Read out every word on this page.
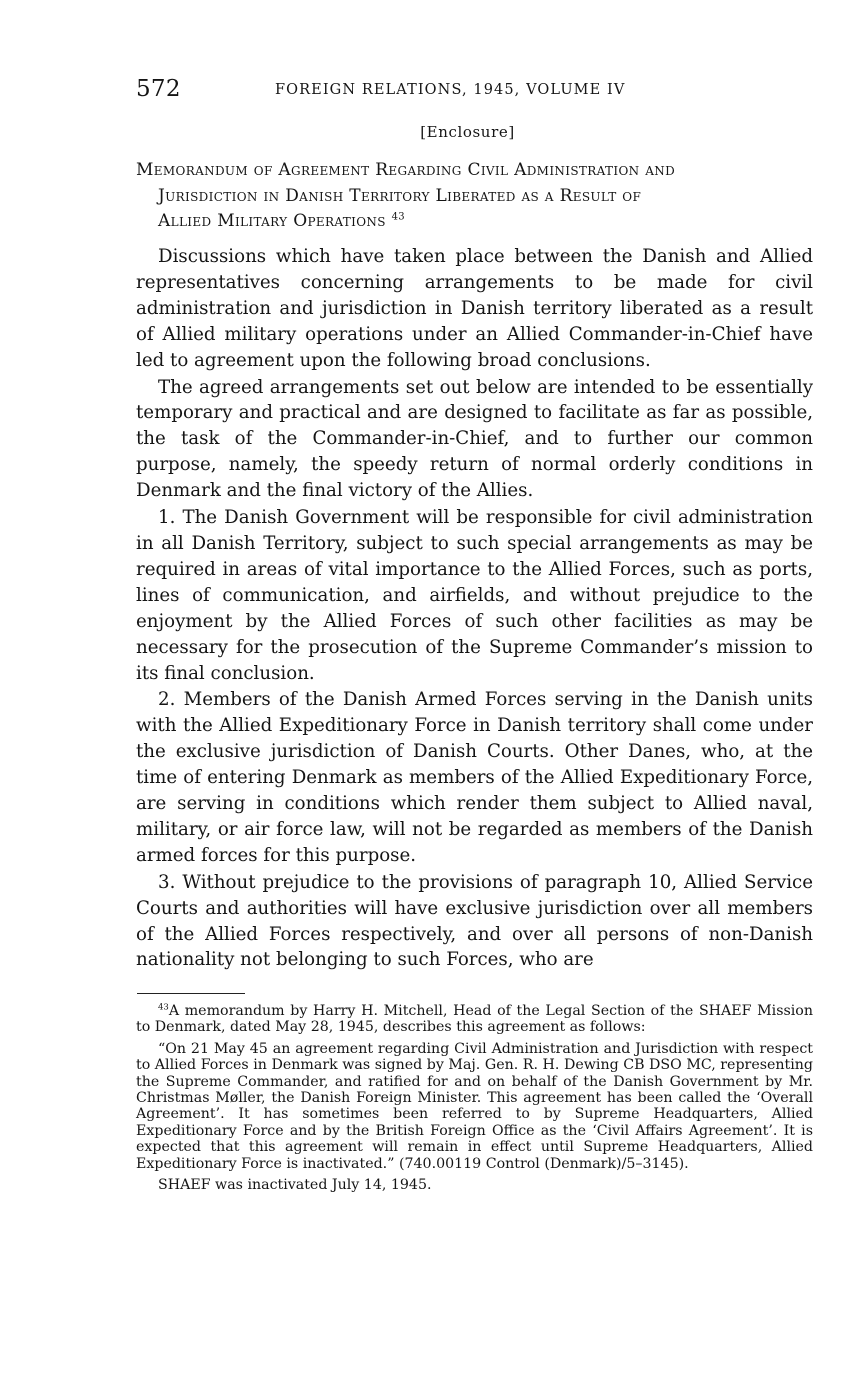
572	FOREIGN RELATIONS, 1945, VOLUME IV
[Enclosure]
Memorandum of Agreement Regarding Civil Administration and
Jurisdiction in Danish Territory Liberated as a Result of
Allied Military Operations $^{43}$

Discussions which have taken place between the Danish and Allied representatives concerning arrangements to be made for civil administration and jurisdiction in Danish territory liberated as a result of Allied military operations under an Allied Commander-in-Chief have led to agreement upon the following broad conclusions.

The agreed arrangements set out below are intended to be essentially temporary and practical and are designed to facilitate as far as possible, the task of the Commander-in-Chief, and to further our common purpose, namely, the speedy return of normal orderly conditions in Denmark and the final victory of the Allies.

1. The Danish Government will be responsible for civil administration in all Danish Territory, subject to such special arrangements as may be required in areas of vital importance to the Allied Forces, such as ports, lines of communication, and airfields, and without prejudice to the enjoyment by the Allied Forces of such other facilities as may be necessary for the prosecution of the Supreme Commander’s mission to its final conclusion.

2. Members of the Danish Armed Forces serving in the Danish units with the Allied Expeditionary Force in Danish territory shall come under the exclusive jurisdiction of Danish Courts. Other Danes, who, at the time of entering Denmark as members of the Allied Expeditionary Force, are serving in conditions which render them subject to Allied naval, military, or air force law, will not be regarded as members of the Danish armed forces for this purpose.

3. Without prejudice to the provisions of paragraph 10, Allied Service Courts and authorities will have exclusive jurisdiction over all members of the Allied Forces respectively, and over all persons of non-Danish nationality not belonging to such Forces, who are

$^{43}$A memorandum by Harry H. Mitchell, Head of the Legal Section of the SHAEF Mission to Denmark, dated May 28, 1945, describes this agreement as follows:

“On 21 May 45 an agreement regarding Civil Administration and Jurisdiction with respect to Allied Forces in Denmark was signed by Maj. Gen. R. H. Dewing CB DSO MC, representing the Supreme Commander, and ratified for and on behalf of the Danish Government by Mr. Christmas Møller, the Danish Foreign Minister. This agreement has been called the ‘Overall Agreement’. It has sometimes been referred to by Supreme Headquarters, Allied Expeditionary Force and by the British Foreign Office as the ‘Civil Affairs Agreement’. It is expected that this agreement will remain in effect until Supreme Headquarters, Allied Expeditionary Force is inactivated.” (740.00119 Control (Denmark)/5–3145).

SHAEF was inactivated July 14, 1945.
